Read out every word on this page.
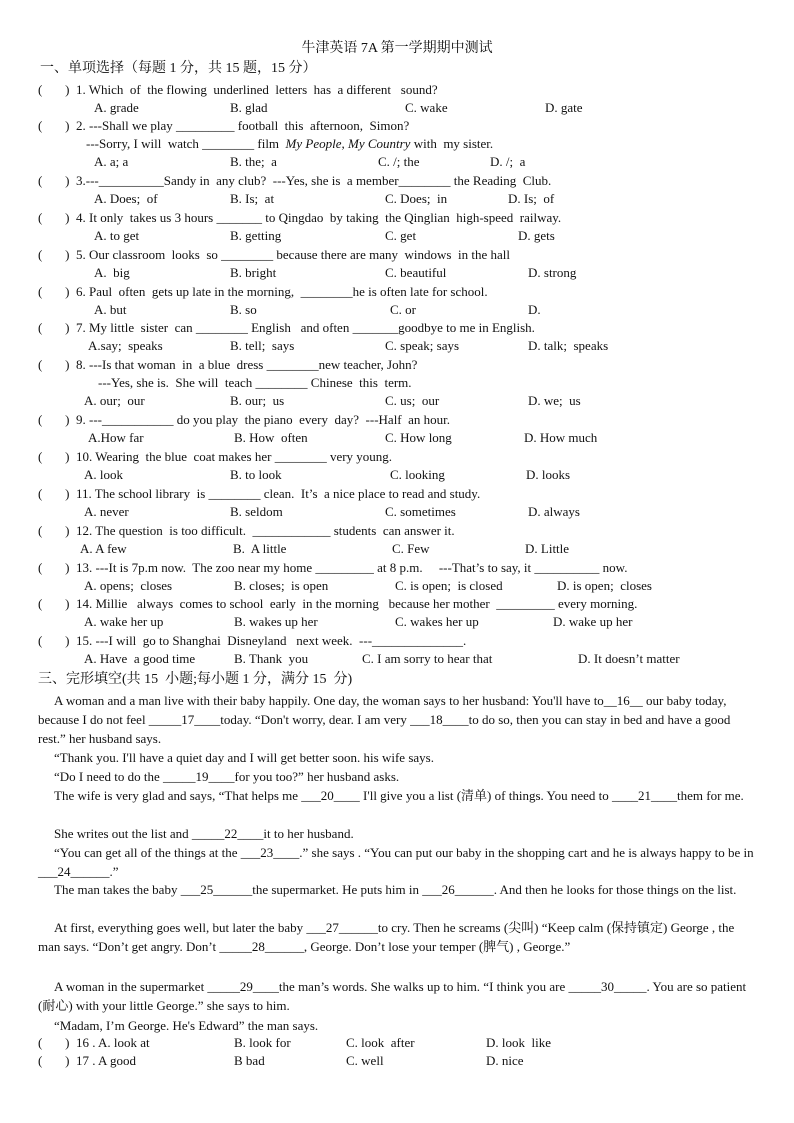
牛津英语 7A 第一学期期中测试
一、单项选择（每题 1 分，共 15 题，15 分）
(       ) 1. Which  of  the flowing  underlined  letters  has  a different   sound?
A. grade	B. glad	C. wake	D. gate
(       ) 2. ---Shall we play _________ football  this  afternoon,  Simon?
---Sorry, I will  watch ________ film  My People, My Country with  my sister.
A. a; a	B. the;  a	C. /; the	D. /;  a
(       ) 3.---__________Sandy in  any club?  ---Yes, she is  a member________ the Reading  Club.
A. Does;  of	B. Is;  at	C. Does;  in	D. Is;  of
(       ) 4. It only  takes us 3 hours _______ to Qingdao  by taking  the Qinglian  high-speed  railway.
A. to get	B. getting	C. get	D. gets
(       ) 5. Our classroom  looks  so ________ because there are many  windows  in the hall
A.  big	B. bright	C. beautiful	D. strong
(       ) 6. Paul  often  gets up late in the morning,  ________he is often late for school.
A. but	B. so	C. or	D.
(       ) 7. My little  sister  can ________ English   and often _______goodbye to me in English.
A.say;  speaks	B. tell;  says	C. speak; says	D. talk;  speaks
(       ) 8. ---Is that woman  in  a blue  dress ________new teacher, John?
---Yes, she is.  She will  teach ________ Chinese  this  term.
A. our;  our	B. our;  us	C. us;  our	D. we;  us
(       ) 9. ---___________ do you play  the piano  every  day?  ---Half  an hour.
A.How far	B. How  often	C. How long	D. How much
(       ) 10. Wearing  the blue  coat makes her ________ very young.
A. look	B. to look	C. looking	D. looks
(       ) 11. The school library  is ________ clean.  It’s  a nice place to read and study.
A. never	B. seldom	C. sometimes	D. always
(       ) 12. The question  is too difficult.  ____________ students  can answer it.
A. A few	B.  A little	C. Few	D. Little
(       ) 13. ---It is 7p.m now.  The zoo near my home _________ at 8 p.m.     ---That’s to say, it __________ now.
A. opens;  closes	B. closes;  is open	C. is open;  is closed	D. is open;  closes
(       ) 14. Millie   always  comes to school  early  in the morning   because her mother  _________ every morning.
A. wake her up	B. wakes up her	C. wakes her up	D. wake up her
(       ) 15. ---I will  go to Shanghai  Disneyland   next week.  ---______________.
A. Have  a good time	B. Thank  you	C. I am sorry to hear that	D. It doesn’t matter
三、完形填空(共 15  小题;每小题 1 分，满分 15  分)
A woman and a man live with their baby happily. One day, the woman says to her husband: You'll have to__16__ our baby today, because I do not feel _____17____today. “Don't worry, dear. I am very ___18____to do so, then you can stay in bed and have a good rest.” her husband says.
“Thank you. I'll have a quiet day and I will get better soon. his wife says.
“Do I need to do the _____19____for you too?” her husband asks.
The wife is very glad and says, “That helps me ___20____ I'll give you a list (清单) of things. You need to ____21____them for me.
She writes out the list and _____22____it to her husband.
“You can get all of the things at the ___23____.” she says . “You can put our baby in the shopping cart and he is always happy to be in ___24______.”
The man takes the baby ___25______the supermarket. He puts him in ___26______. And then he looks for those things on the list.
At first, everything goes well, but later the baby ___27______to cry. Then he screams (尖叫) “Keep calm (保持镇定) George , the man says. “Don’t get angry. Don’t _____28______, George. Don’t lose your temper (脾气) , George.”
A woman in the supermarket _____29____the man’s words. She walks up to him. “I think you are _____30_____. You are so patient (耐心) with your little George.” she says to him.
“Madam, I’m George. He's Edward” the man says.
(       ) 16 . A. look at	B. look for	C. look  after	D. look  like
(       ) 17 . A good	B bad	C. well	D. nice
